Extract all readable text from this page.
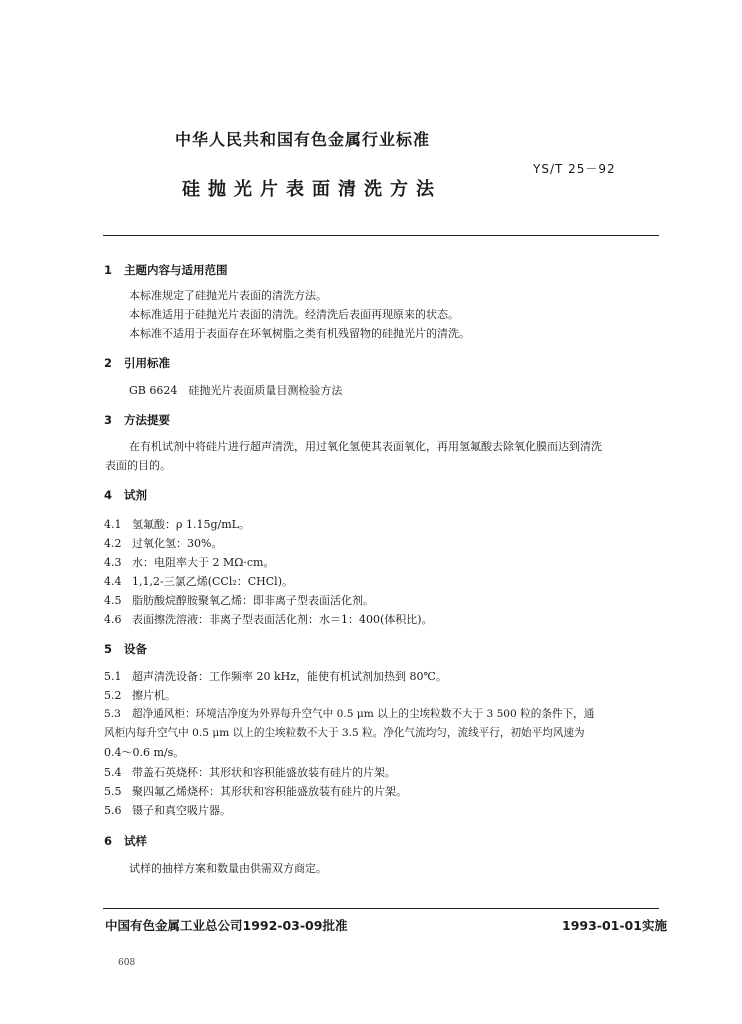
中华人民共和国有色金属行业标准
YS/T 25－92
硅抛光片表面清洗方法
1 主题内容与适用范围
本标准规定了硅抛光片表面的清洗方法。
本标准适用于硅抛光片表面的清洗。经清洗后表面再现原来的状态。
本标准不适用于表面存在环氧树脂之类有机残留物的硅抛光片的清洗。
2 引用标准
GB 6624　硅抛光片表面质量目测检验方法
3 方法提要
在有机试剂中将硅片进行超声清洗，用过氧化氢使其表面氧化，再用氢氟酸去除氧化膜而达到清洗
表面的目的。
4 试剂
4.1 氢氟酸：ρ 1.15g/mL。
4.2 过氧化氢：30%。
4.3 水：电阻率大于 2 MΩ·cm。
4.4 1,1,2-三氯乙烯(CCl₂：CHCl)。
4.5 脂肪酸烷醇胺聚氧乙烯：即非离子型表面活化剂。
4.6 表面擦洗溶液：非离子型表面活化剂：水＝1：400(体积比)。
5 设备
5.1 超声清洗设备：工作频率 20 kHz，能使有机试剂加热到 80℃。
5.2 擦片机。
5.3 超净通风柜：环境洁净度为外界每升空气中 0.5 μm 以上的尘埃粒数不大于 3 500 粒的条件下，通
风柜内每升空气中 0.5 μm 以上的尘埃粒数不大于 3.5 粒。净化气流均匀，流线平行，初始平均风速为
0.4～0.6 m/s。
5.4 带盖石英烧杯：其形状和容积能盛放装有硅片的片架。
5.5 聚四氟乙烯烧杯：其形状和容积能盛放装有硅片的片架。
5.6 镊子和真空吸片器。
6 试样
试样的抽样方案和数量由供需双方商定。
中国有色金属工业总公司1992-03-09批准	1993-01-01实施
608
